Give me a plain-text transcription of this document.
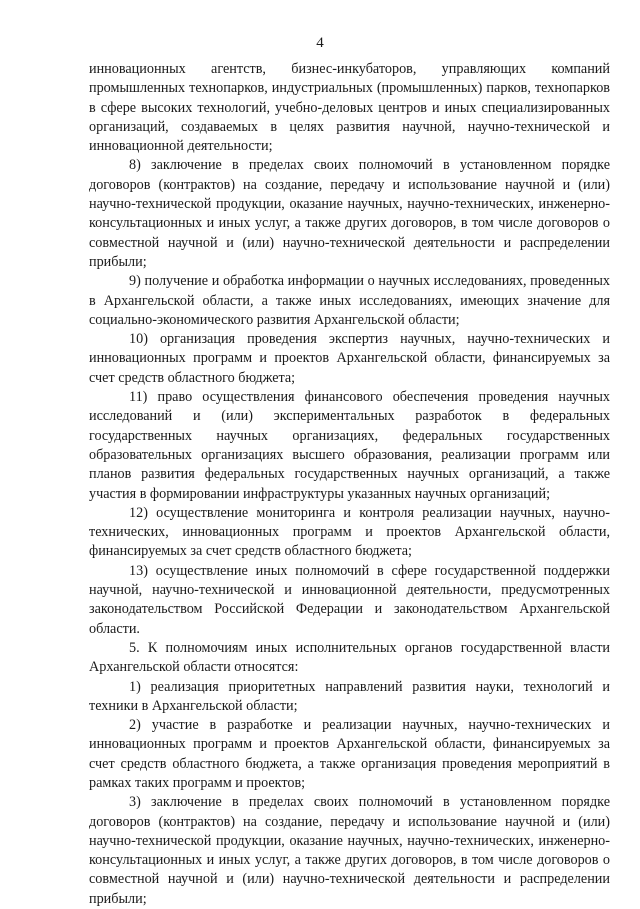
4

инновационных агентств, бизнес-инкубаторов, управляющих компаний промышленных технопарков, индустриальных (промышленных) парков, технопарков в сфере высоких технологий, учебно-деловых центров и иных специализированных организаций, создаваемых в целях развития научной, научно-технической и инновационной деятельности;

8) заключение в пределах своих полномочий в установленном порядке договоров (контрактов) на создание, передачу и использование научной и (или) научно-технической продукции, оказание научных, научно-технических, инженерно-консультационных и иных услуг, а также других договоров, в том числе договоров о совместной научной и (или) научно-технической деятельности и распределении прибыли;

9) получение и обработка информации о научных исследованиях, проведенных в Архангельской области, а также иных исследованиях, имеющих значение для социально-экономического развития Архангельской области;

10) организация проведения экспертиз научных, научно-технических и инновационных программ и проектов Архангельской области, финансируемых за счет средств областного бюджета;

11) право осуществления финансового обеспечения проведения научных исследований и (или) экспериментальных разработок в федеральных государственных научных организациях, федеральных государственных образовательных организациях высшего образования, реализации программ или планов развития федеральных государственных научных организаций, а также участия в формировании инфраструктуры указанных научных организаций;

12) осуществление мониторинга и контроля реализации научных, научно-технических, инновационных программ и проектов Архангельской области, финансируемых за счет средств областного бюджета;

13) осуществление иных полномочий в сфере государственной поддержки научной, научно-технической и инновационной деятельности, предусмотренных законодательством Российской Федерации и законодательством Архангельской области.

5. К полномочиям иных исполнительных органов государственной власти Архангельской области относятся:

1) реализация приоритетных направлений развития науки, технологий и техники в Архангельской области;

2) участие в разработке и реализации научных, научно-технических и инновационных программ и проектов Архангельской области, финансируемых за счет средств областного бюджета, а также организация проведения мероприятий в рамках таких программ и проектов;

3) заключение в пределах своих полномочий в установленном порядке договоров (контрактов) на создание, передачу и использование научной и (или) научно-технической продукции, оказание научных, научно-технических, инженерно-консультационных и иных услуг, а также других договоров, в том числе договоров о совместной научной и (или) научно-технической деятельности и распределении прибыли;
